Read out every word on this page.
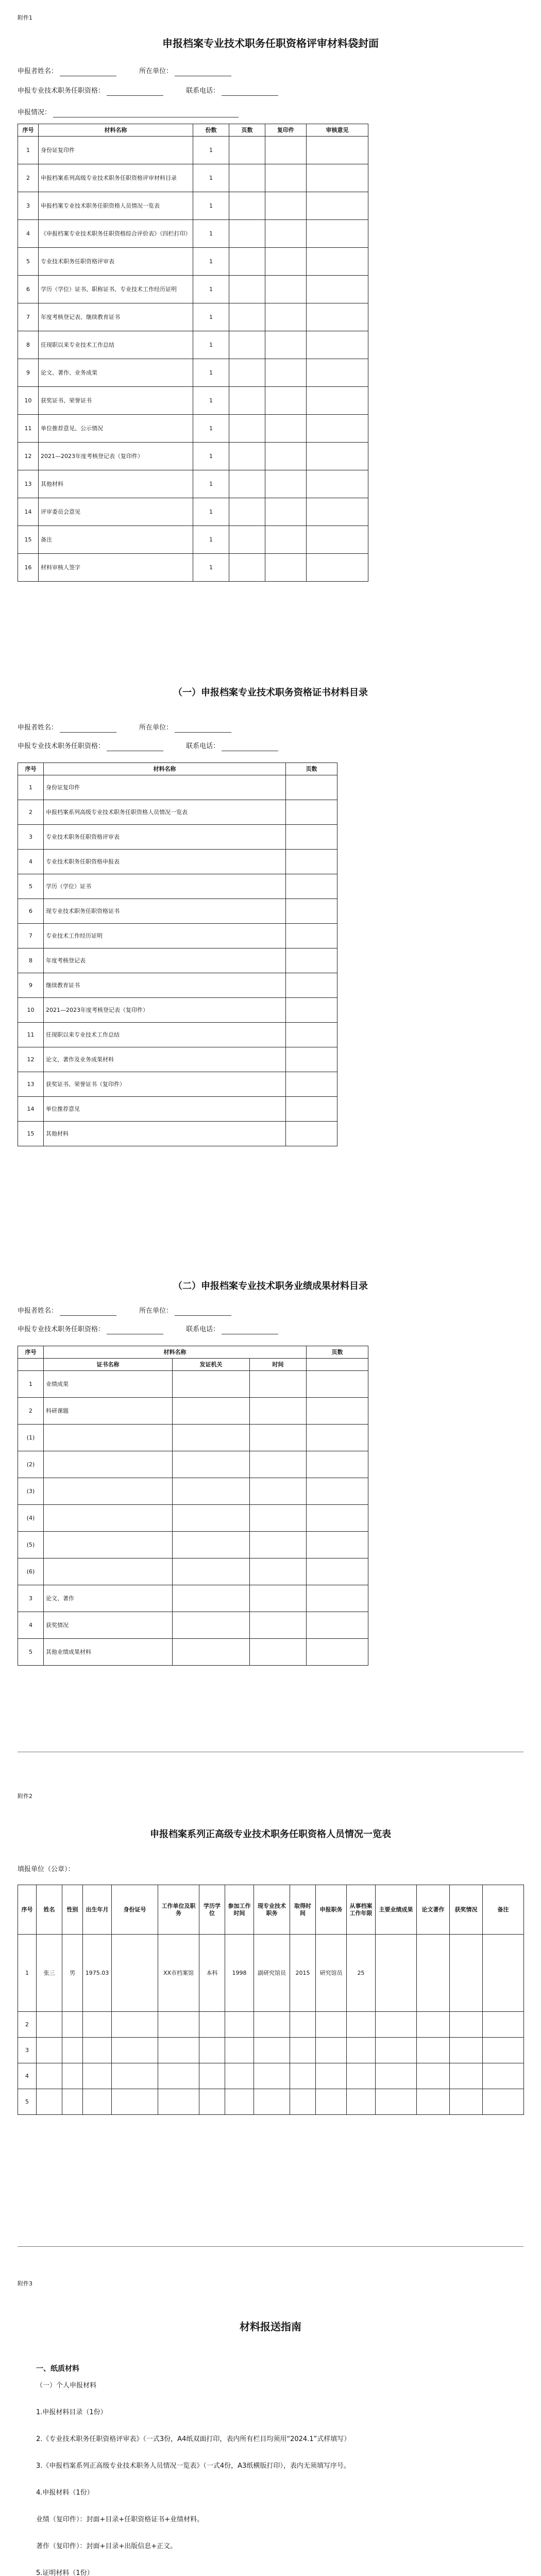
附件1
申报档案专业技术职务任职资格评审材料袋封面
申报者姓名：	所在单位：
申报专业技术职务任职资格：	联系电话：
申报情况：
序号	材料名称	份数	页数	复印件	审核意见
1	身份证复印件	1			
2	申报档案系列高级专业技术职务任职资格评审材料目录	1			
3	申报档案专业技术职务任职资格人员情况一览表	1			
4	《申报档案专业技术职务任职资格综合评价表》（四栏打印）	1			
5	专业技术职务任职资格评审表	1			
6	学历（学位）证书、职称证书、专业技术工作经历证明	1			
7	年度考核登记表、继续教育证书	1			
8	任现职以来专业技术工作总结	1			
9	论文、著作、业务成果	1			
10	获奖证书、荣誉证书	1			
11	单位推荐意见、公示情况	1			
12	2021—2023年度考核登记表（复印件）	1			
13	其他材料	1			
14	评审委员会意见	1			
15	备注	1			
16	材料审核人签字	1			
（一）申报档案专业技术职务资格证书材料目录
申报者姓名：	所在单位：
申报专业技术职务任职资格：	联系电话：
序号	材料名称	页数
1	身份证复印件	
2	申报档案系列高级专业技术职务任职资格人员情况一览表	
3	专业技术职务任职资格评审表	
4	专业技术职务任职资格申报表	
5	学历（学位）证书	
6	现专业技术职务任职资格证书	
7	专业技术工作经历证明	
8	年度考核登记表	
9	继续教育证书	
10	2021—2023年度考核登记表（复印件）	
11	任现职以来专业技术工作总结	
12	论文、著作及业务成果材料	
13	获奖证书、荣誉证书（复印件）	
14	单位推荐意见	
15	其他材料	
（二）申报档案专业技术职务业绩成果材料目录
申报者姓名：	所在单位：
申报专业技术职务任职资格：	联系电话：
序号	材料名称			页数
	证书名称	发证机关	时间	
1	业绩成果			
2	科研课题			
(1)				
(2)				
(3)				
(4)				
(5)				
(6)				
3	论文、著作			
4	获奖情况			
5	其他业绩成果材料			
附件2
申报档案系列正高级专业技术职务任职资格人员情况一览表
填报单位（公章）：
序号	姓名	性别	出生年月	身份证号	工作单位及职务	学历学位	参加工作时间	现专业技术职务	取得时间	申报职务	从事档案工作年限	主要业绩成果	论文著作	获奖情况	备注
1	张三	男	1975.03		XX市档案馆	本科	1998	副研究馆员	2015	研究馆员	25				
2															
3															
4															
5															
附件3
材料报送指南

一、纸质材料

（一）个人申报材料

1.申报材料目录（1份）

2.《专业技术职务任职资格评审表》（一式3份，A4纸双面打印，表内所有栏目均须用“2024.1”式样填写）

3.《申报档案系列正高级专业技术职务人员情况一览表》（一式4份，A3纸横版打印），表内无须填写序号。

4.申报材料（1份）

业绩（复印件）：封面+目录+任职资格证书+业绩材料。

著作（复印件）：封面+目录+出版信息+正文。

5.证明材料（1份）
